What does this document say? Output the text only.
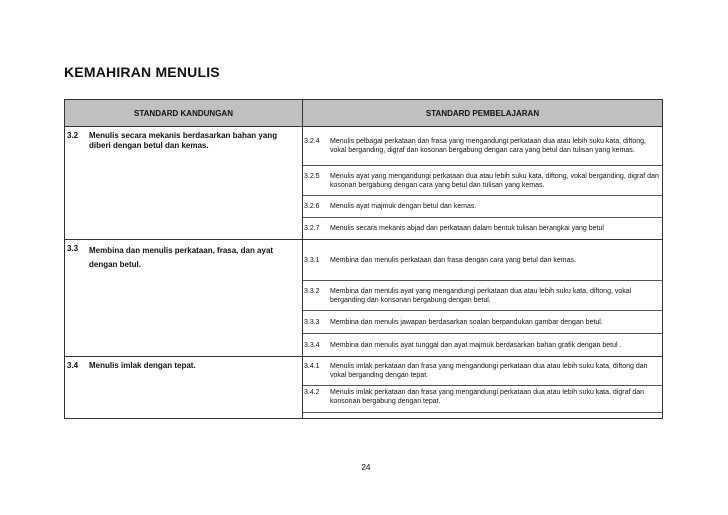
KEMAHIRAN MENULIS
STANDARD KANDUNGAN	STANDARD PEMBELAJARAN

3.2 Menulis secara mekanis berdasarkan bahan yang diberi dengan betul dan kemas.	3.2.4 Menulis pelbagai perkataan dan frasa yang mengandungi perkataan dua atau lebih suku kata, diftong, vokal berganding, digraf dan kosonan bergabung dengan cara yang betul dan tulisan yang kemas.

	3.2.5 Menulis ayat yang mengandungi perkataan dua atau lebih suku kata, diftong, vokal berganding, digraf dan kosonan bergabung dengan cara yang betul dan tulisan yang kemas.

	3.2.6 Menulis ayat majmuk dengan betul dan kemas.

	3.2.7 Menulis secara mekanis abjad dan perkataan dalam bentuk tulisan berangkai yang betul

3.3 Membina dan menulis perkataan, frasa, dan ayat dengan betul.	3.3.1 Membina dan menulis perkataan dan frasa dengan cara yang betul dan kemas.

	3.3.2 Membina dan menulis ayat yang mengandungi perkataan dua atau lebih suku kata, diftong, vokal berganding dan konsonan bergabung dengan betul.

	3.3.3 Membina dan menulis jawapan berdasarkan soalan berpandukan gambar dengan betul.

	3.3.4 Membina dan menulis ayat tunggal dan ayat majmuk berdasarkan bahan grafik dengan betul .

3.4 Menulis imlak dengan tepat.	3.4.1 Menulis imlak perkataan dan frasa yang mengandungi perkataan dua atau lebih suku kata, diftong dan vokal berganding dengan tepat.

	3.4.2 Menulis imlak perkataan dan frasa yang mengandungi perkataan dua atau lebih suku kata, digraf dan konsonan bergabung dengan tepat.

24
